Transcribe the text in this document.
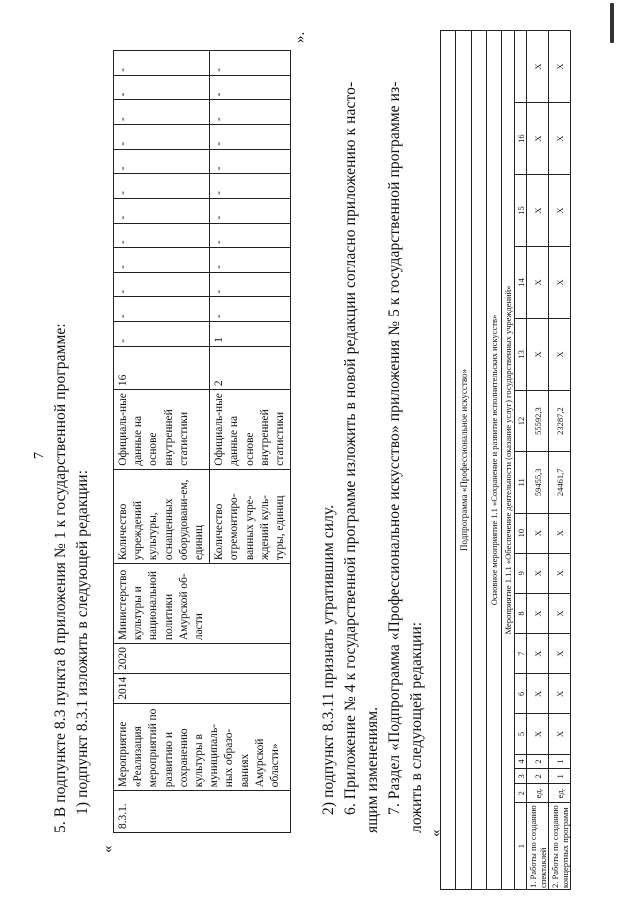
7 5. В подпункте 8.3 пункта 8 приложения № 1 к государственной программе: 1) подпункт 8.3.1 изложить в следующей редакции:
«
8.3.1.	Мероприятие «Реализация мероприятий по развитию и сохранению культуры в муниципаль-ных образо-ваниях Амурской области»	2014	2020	Министерство культуры и национальной политики Амурской об-ласти	Количество учреждений культуры, оснащенных оборудовани-ем, единиц	Официаль-ные данные на основе внутренней статистики	16	-	-	-	-	-	-	-	-	-	-	-	-
					Количество отремонтиро-ванных учре-ждений куль-туры, единиц	Официаль-ные данные на основе внутренней статистики	2	1	-	-	-	-	-	-	-	-	-	-	-
».
2) подпункт 8.3.11 признать утратившим силу. 6. Приложение № 4 к государственной программе изложить в новой редакции согласно приложению к насто- ящим изменениям. 7. Раздел «Подпрограмма «Профессиональное искусство» приложения № 5 к государственной программе из- ложить в следующей редакции:
«

Подпрограмма «Профессиональное искусство»																

Основное мероприятие 1.1 «Сохранение и развитие исполнительских искусств»																
Мероприятие 1.1.1 «Обеспечение деятельности (оказание услуг) государственных учреждений»																
1	2	3	4	5	6	7	8	9	10	11	12	13	14	15	16	
1. Работы по созданию спектаклей	ед.	2	2	X	X	X	X	X	X	59455,3	55592,3	X	X	X	X	X
2. Работы по созданию концертных программ	ед.	1	1	X	X	X	X	X	X	24461,7	23287,2	X	X	X	X	X
